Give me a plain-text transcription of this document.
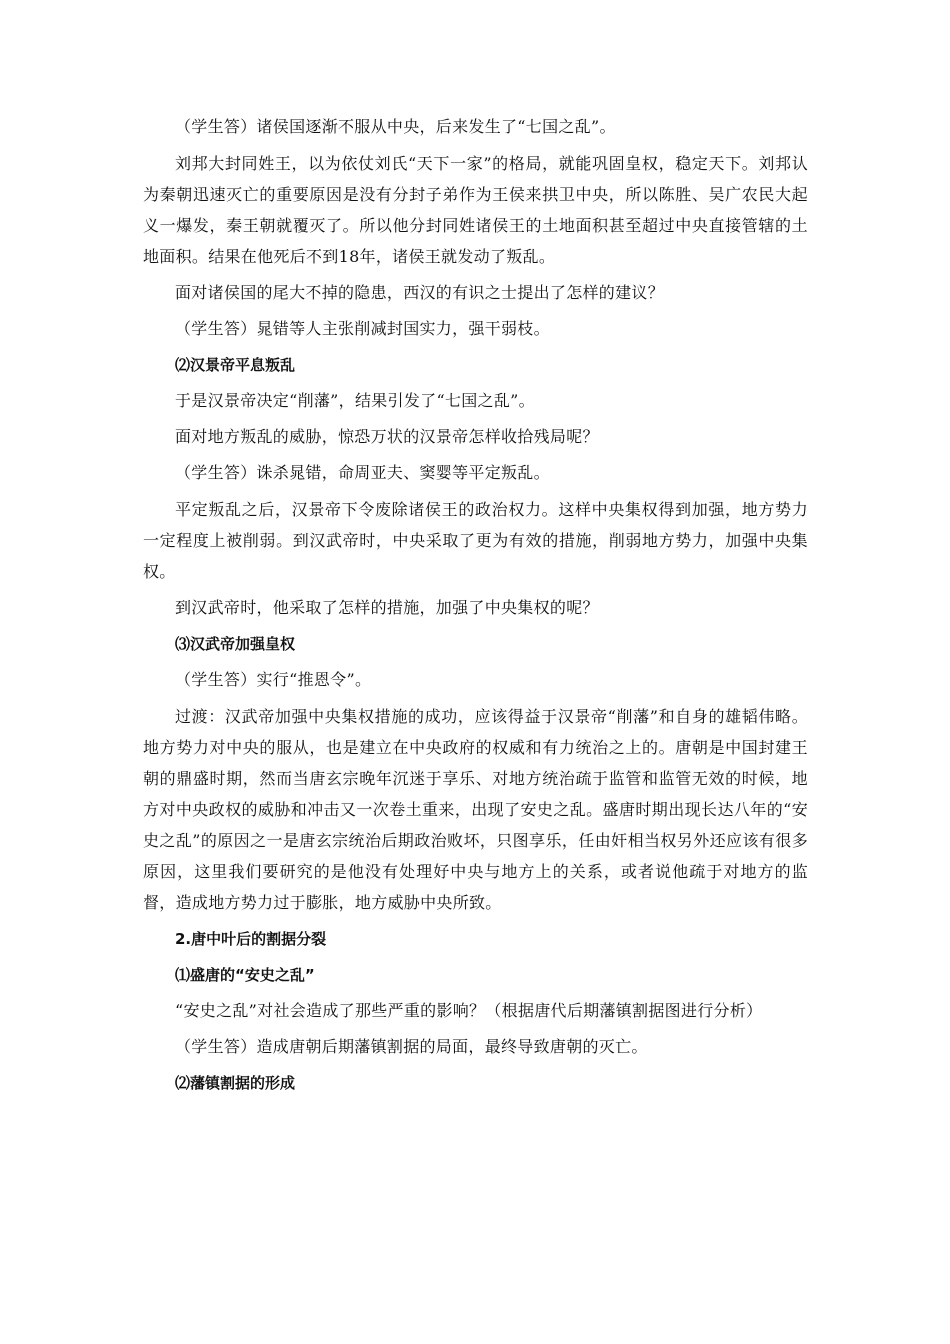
（学生答）诸侯国逐渐不服从中央，后来发生了“七国之乱”。

刘邦大封同姓王，以为依仗刘氏“天下一家”的格局，就能巩固皇权，稳定天下。刘邦认为秦朝迅速灭亡的重要原因是没有分封子弟作为王侯来拱卫中央，所以陈胜、吴广农民大起义一爆发，秦王朝就覆灭了。所以他分封同姓诸侯王的土地面积甚至超过中央直接管辖的土地面积。结果在他死后不到18年，诸侯王就发动了叛乱。

面对诸侯国的尾大不掉的隐患，西汉的有识之士提出了怎样的建议？

（学生答）晁错等人主张削减封国实力，强干弱枝。

⑵汉景帝平息叛乱

于是汉景帝决定“削藩”，结果引发了“七国之乱”。

面对地方叛乱的威胁，惊恐万状的汉景帝怎样收拾残局呢？

（学生答）诛杀晁错，命周亚夫、窦婴等平定叛乱。

平定叛乱之后，汉景帝下令废除诸侯王的政治权力。这样中央集权得到加强，地方势力一定程度上被削弱。到汉武帝时，中央采取了更为有效的措施，削弱地方势力，加强中央集权。

到汉武帝时，他采取了怎样的措施，加强了中央集权的呢？

⑶汉武帝加强皇权

（学生答）实行“推恩令”。

过渡：汉武帝加强中央集权措施的成功，应该得益于汉景帝“削藩”和自身的雄韬伟略。地方势力对中央的服从，也是建立在中央政府的权威和有力统治之上的。唐朝是中国封建王朝的鼎盛时期，然而当唐玄宗晚年沉迷于享乐、对地方统治疏于监管和监管无效的时候，地方对中央政权的威胁和冲击又一次卷土重来，出现了安史之乱。盛唐时期出现长达八年的“安史之乱”的原因之一是唐玄宗统治后期政治败坏，只图享乐，任由奸相当权另外还应该有很多原因，这里我们要研究的是他没有处理好中央与地方上的关系，或者说他疏于对地方的监督，造成地方势力过于膨胀，地方威胁中央所致。

2.唐中叶后的割据分裂

⑴盛唐的“安史之乱”

“安史之乱”对社会造成了那些严重的影响？（根据唐代后期藩镇割据图进行分析）

（学生答）造成唐朝后期藩镇割据的局面，最终导致唐朝的灭亡。

⑵藩镇割据的形成
